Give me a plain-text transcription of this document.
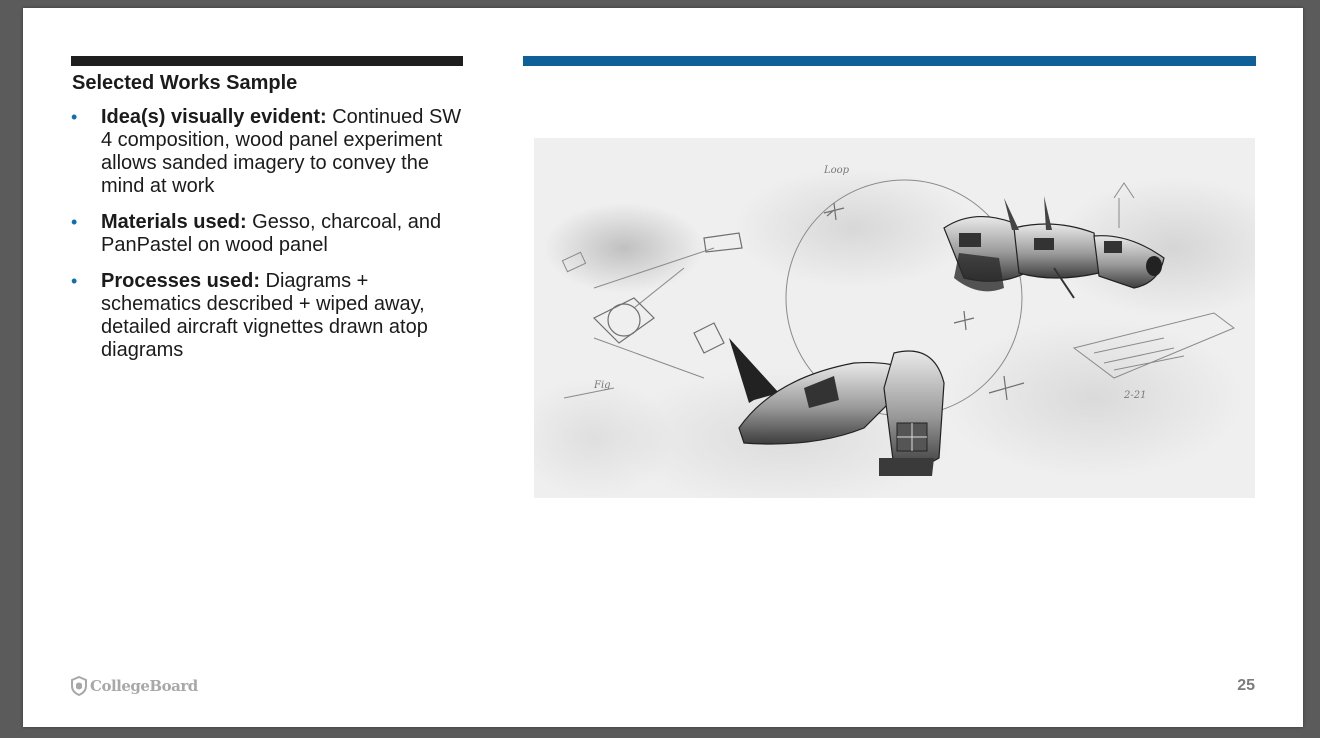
Selected Works Sample
• Idea(s) visually evident: Continued SW 4 composition, wood panel experiment allows sanded imagery to convey the mind at work
• Materials used: Gesso, charcoal, and PanPastel on wood panel
• Processes used: Diagrams + schematics described + wiped away, detailed aircraft vignettes drawn atop diagrams
Loop
Fig
2-21
CollegeBoard	25
